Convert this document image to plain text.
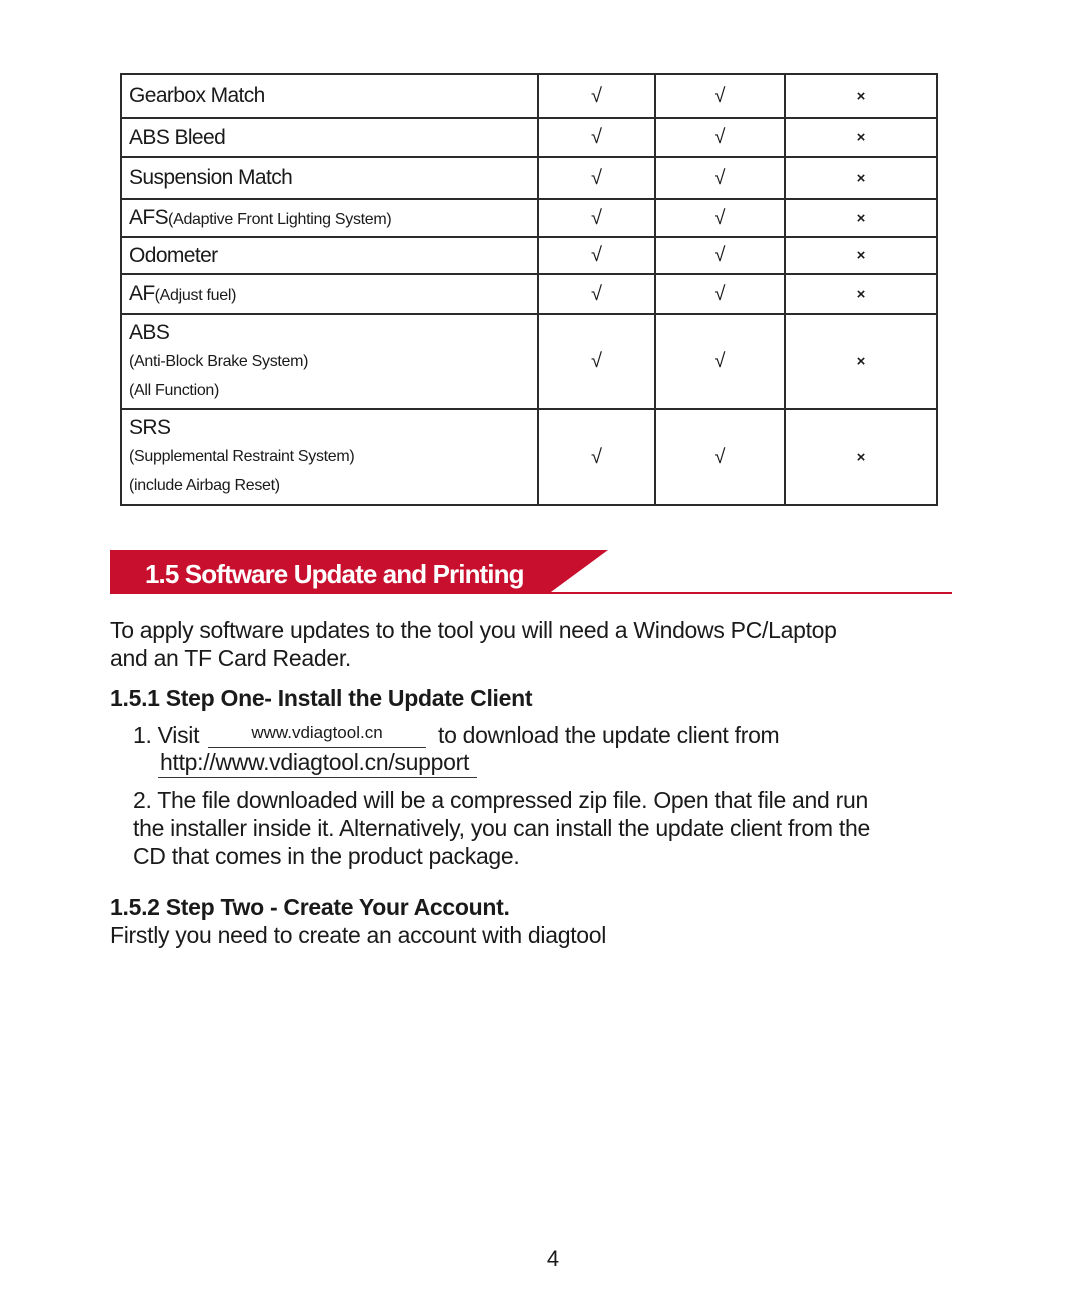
Gearbox Match	√	√	×
ABS Bleed	√	√	×
Suspension Match	√	√	×
AFS(Adaptive Front Lighting System)	√	√	×
Odometer	√	√	×
AF(Adjust fuel)	√	√	×

ABS
(Anti-Block Brake System)
(All Function)	√	√	×

SRS
(Supplemental Restraint System)
(include Airbag Reset)	√	√	×
1.5 Software Update and Printing
To apply software updates to the tool you will need a Windows PC/Laptop
and an TF Card Reader.
1.5.1 Step One- Install the Update Client
1. Visit	www.vdiagtool.cn	to download the update client from
http://www.vdiagtool.cn/support
2. The file downloaded will be a compressed zip file. Open that file and run
the installer inside it. Alternatively, you can install the update client from the
CD that comes in the product package.
1.5.2 Step Two - Create Your Account.
Firstly you need to create an account with diagtool
4
